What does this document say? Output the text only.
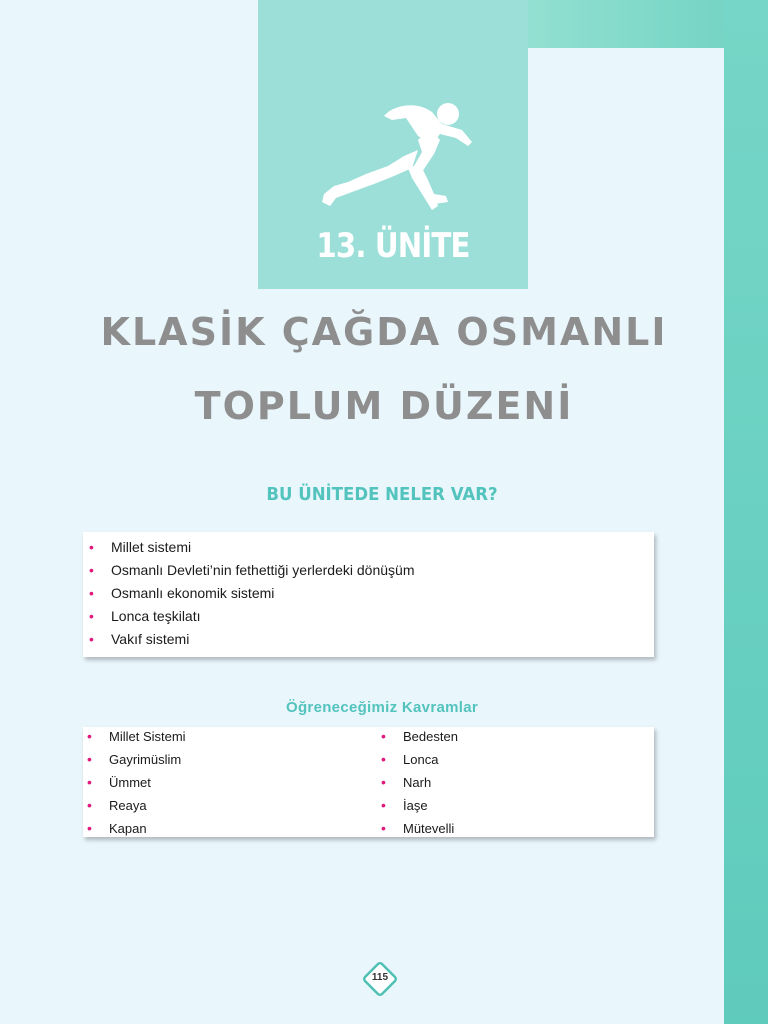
13. ÜNİTE
KLASİK ÇAĞDA OSMANLI
TOPLUM DÜZENİ
BU ÜNİTEDE NELER VAR?
• Millet sistemi
• Osmanlı Devleti’nin fethettiği yerlerdeki dönüşüm
• Osmanlı ekonomik sistemi
• Lonca teşkilatı
• Vakıf sistemi
Öğreneceğimiz Kavramlar
• Millet Sistemi
• Gayrimüslim
• Ümmet
• Reaya
• Kapan
• Bedesten
• Lonca
• Narh
• İaşe
• Mütevelli
115
